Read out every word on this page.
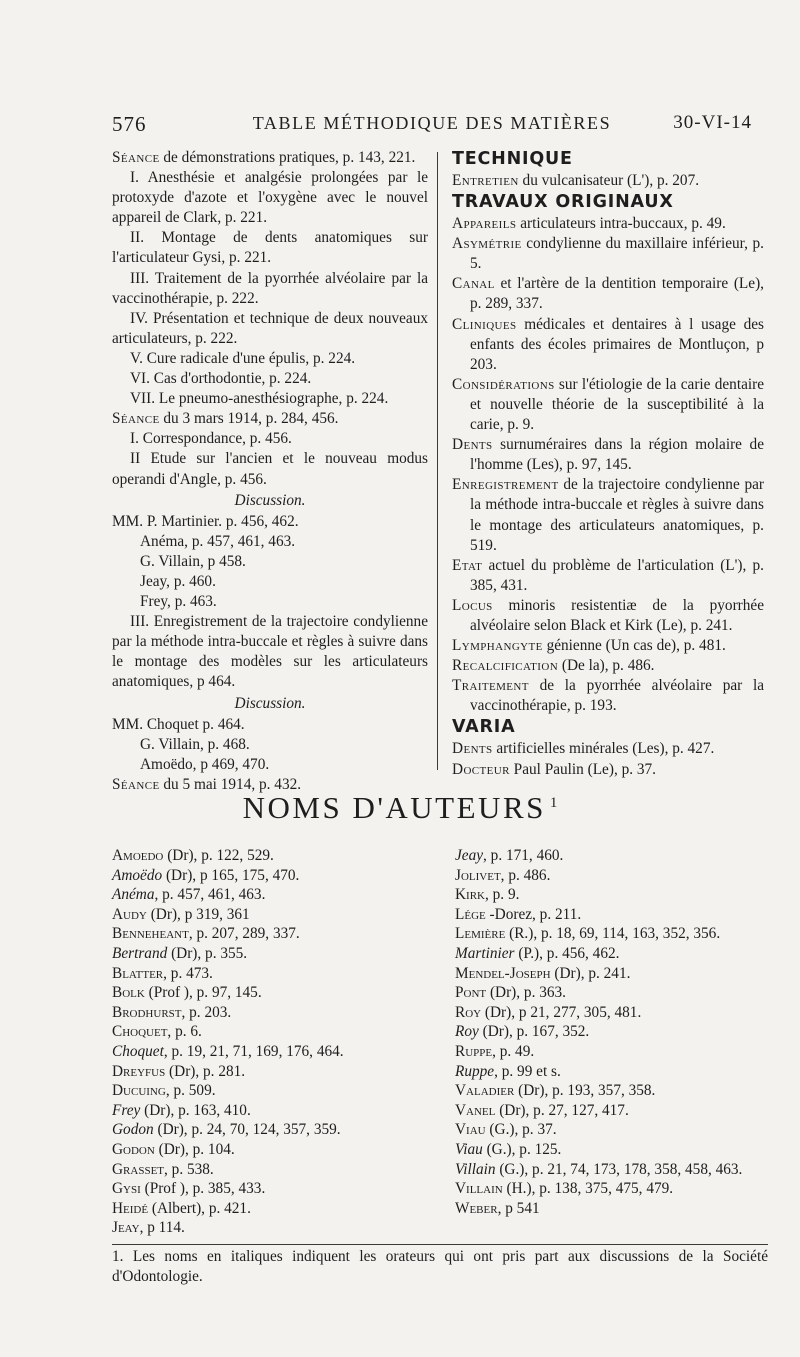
576	TABLE MÉTHODIQUE DES MATIÈRES	30-VI-14
Séance de démonstrations pratiques, p. 143, 221.
I. Anesthésie et analgésie prolongées par le protoxyde d'azote et l'oxygène avec le nouvel appareil de Clark, p. 221.
II. Montage de dents anatomiques sur l'articulateur Gysi, p. 221.
III. Traitement de la pyorrhée alvéolaire par la vaccinothérapie, p. 222.
IV. Présentation et technique de deux nouveaux articulateurs, p. 222.
V. Cure radicale d'une épulis, p. 224.
VI. Cas d'orthodontie, p. 224.
VII. Le pneumo-anesthésiographe, p. 224.
Séance du 3 mars 1914, p. 284, 456.
I. Correspondance, p. 456.
II Etude sur l'ancien et le nouveau modus operandi d'Angle, p. 456.
Discussion.
MM. P. Martinier. p. 456, 462.
Anéma, p. 457, 461, 463.
G. Villain, p 458.
Jeay, p. 460.
Frey, p. 463.
III. Enregistrement de la trajectoire condylienne par la méthode intra-buccale et règles à suivre dans le montage des modèles sur les articulateurs anatomiques, p 464.
Discussion.
MM. Choquet p. 464.
G. Villain, p. 468.
Amoëdo, p 469, 470.
Séance du 5 mai 1914, p. 432.
TECHNIQUE
Entretien du vulcanisateur (L'), p. 207.
TRAVAUX ORIGINAUX
Appareils articulateurs intra-buccaux, p. 49.
Asymétrie condylienne du maxillaire inférieur, p. 5.
Canal et l'artère de la dentition temporaire (Le), p. 289, 337.
Cliniques médicales et dentaires à l usage des enfants des écoles primaires de Montluçon, p 203.
Considérations sur l'étiologie de la carie dentaire et nouvelle théorie de la susceptibilité à la carie, p. 9.
Dents surnuméraires dans la région molaire de l'homme (Les), p. 97, 145.
Enregistrement de la trajectoire condylienne par la méthode intra-buccale et règles à suivre dans le montage des articulateurs anatomiques, p. 519.
Etat actuel du problème de l'articulation (L'), p. 385, 431.
Locus minoris resistentiæ de la pyorrhée alvéolaire selon Black et Kirk (Le), p. 241.
Lymphangyte génienne (Un cas de), p. 481.
Recalcification (De la), p. 486.
Traitement de la pyorrhée alvéolaire par la vaccinothérapie, p. 193.
VARIA
Dents artificielles minérales (Les), p. 427.
Docteur Paul Paulin (Le), p. 37.
NOMS D'AUTEURS $^1$
Amoedo (Dr), p. 122, 529.
Amoëdo (Dr), p 165, 175, 470.
Anéma, p. 457, 461, 463.
Audy (Dr), p 319, 361
Benneheant, p. 207, 289, 337.
Bertrand (Dr), p. 355.
Blatter, p. 473.
Bolk (Prof ), p. 97, 145.
Brodhurst, p. 203.
Choquet, p. 6.
Choquet, p. 19, 21, 71, 169, 176, 464.
Dreyfus (Dr), p. 281.
Ducuing, p. 509.
Frey (Dr), p. 163, 410.
Godon (Dr), p. 24, 70, 124, 357, 359.
Godon (Dr), p. 104.
Grasset, p. 538.
Gysi (Prof ), p. 385, 433.
Heidé (Albert), p. 421.
Jeay, p 114.
Jeay, p. 171, 460.
Jolivet, p. 486.
Kirk, p. 9.
Lége -Dorez, p. 211.
Lemière (R.), p. 18, 69, 114, 163, 352, 356.
Martinier (P.), p. 456, 462.
Mendel-Joseph (Dr), p. 241.
Pont (Dr), p. 363.
Roy (Dr), p 21, 277, 305, 481.
Roy (Dr), p. 167, 352.
Ruppe, p. 49.
Ruppe, p. 99 et s.
Valadier (Dr), p. 193, 357, 358.
Vanel (Dr), p. 27, 127, 417.
Viau (G.), p. 37.
Viau (G.), p. 125.
Villain (G.), p. 21, 74, 173, 178, 358, 458, 463.
Villain (H.), p. 138, 375, 475, 479.
Weber, p 541
1. Les noms en italiques indiquent les orateurs qui ont pris part aux discussions de la Société d'Odontologie.
